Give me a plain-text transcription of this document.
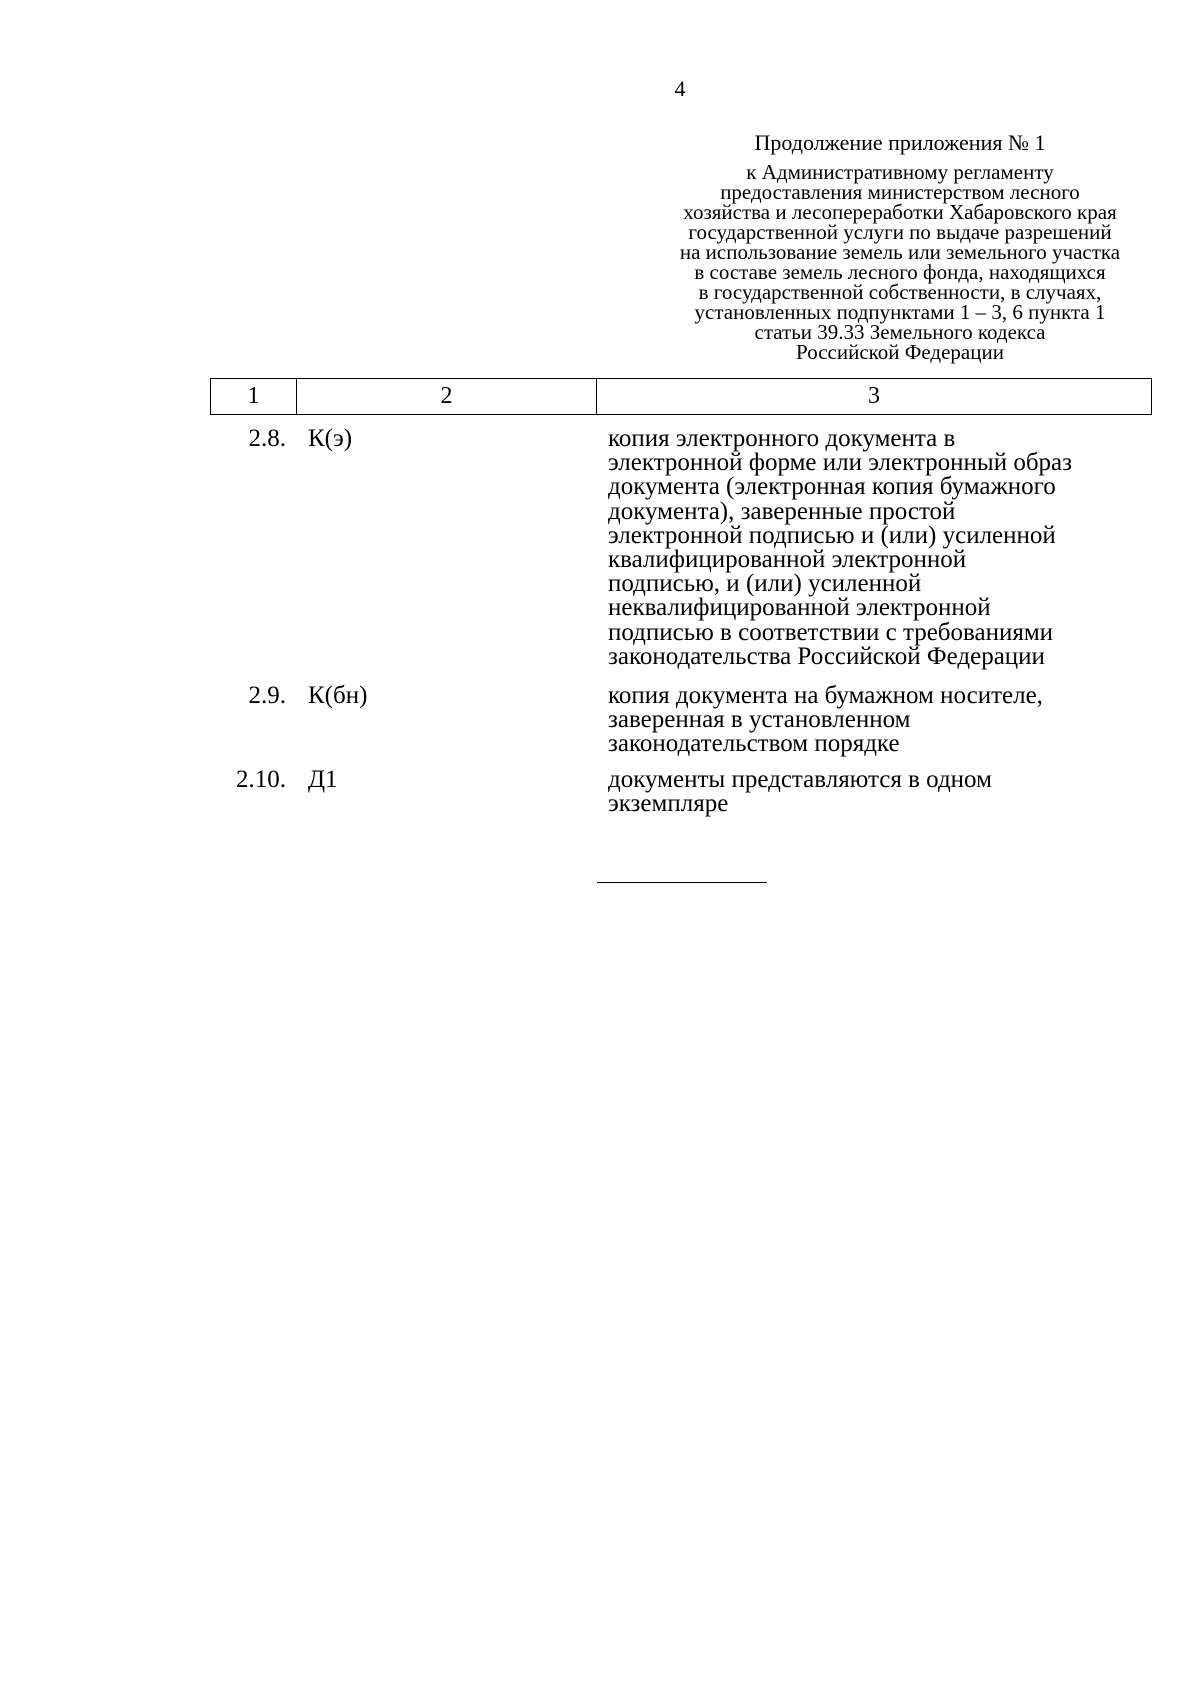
4
Продолжение приложения № 1
к Административному регламенту
предоставления министерством лесного
хозяйства и лесопереработки Хабаровского края
государственной услуги по выдаче разрешений
на использование земель или земельного участка
в составе земель лесного фонда, находящихся
в государственной собственности, в случаях,
установленных подпунктами 1 – 3, 6 пункта 1
статьи 39.33 Земельного кодекса
Российской Федерации
1	2	3
2.8. К(э)	копия электронного документа в
электронной форме или электронный образ
документа (электронная копия бумажного
документа), заверенные простой
электронной подписью и (или) усиленной
квалифицированной электронной
подписью, и (или) усиленной
неквалифицированной электронной
подписью в соответствии с требованиями
законодательства Российской Федерации
2.9. К(бн)	копия документа на бумажном носителе,
заверенная в установленном
законодательством порядке
2.10. Д1	документы представляются в одном
экземпляре
